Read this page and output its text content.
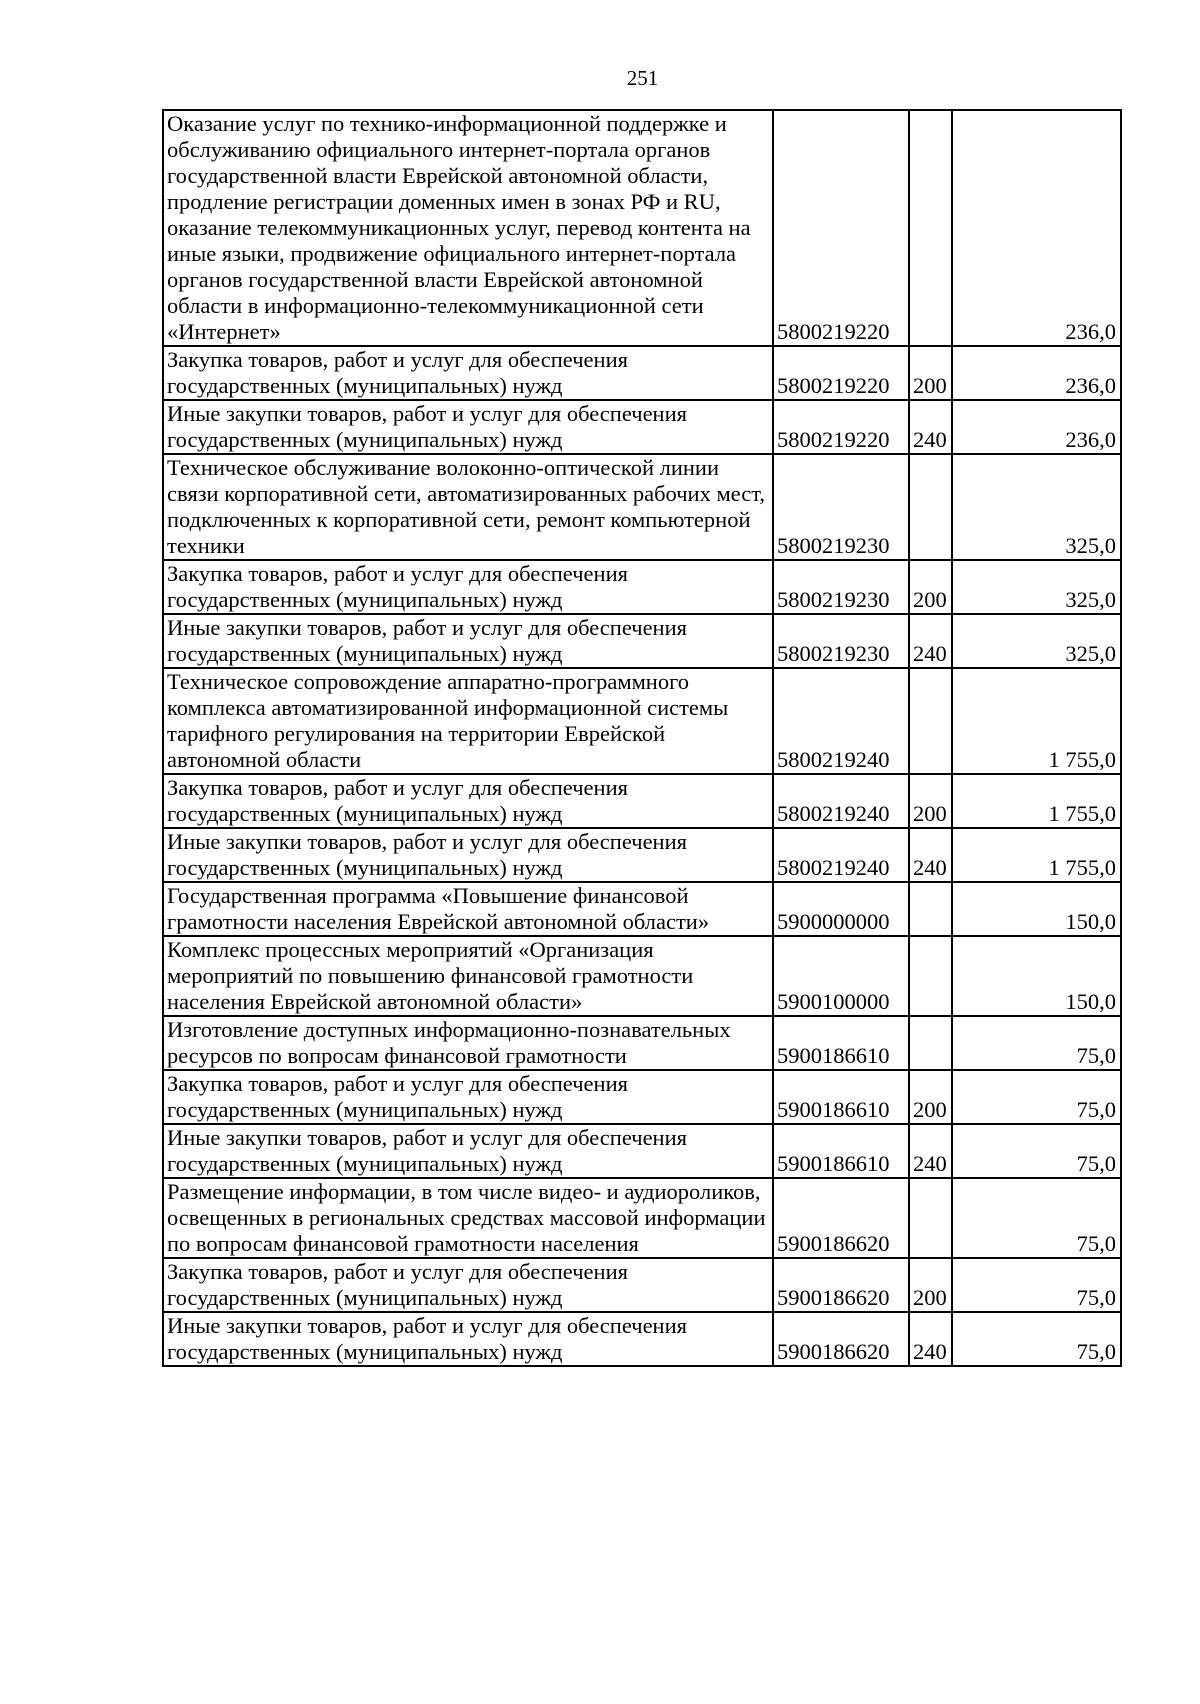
251
Оказание услуг по технико-информационной поддержке и обслуживанию официального интернет-портала органов государственной власти Еврейской автономной области, продление регистрации доменных имен в зонах РФ и RU, оказание телекоммуникационных услуг, перевод контента на иные языки, продвижение официального интернет-портала органов государственной власти Еврейской автономной области в информационно-телекоммуникационной сети «Интернет»	5800219220		236,0
Закупка товаров, работ и услуг для обеспечения государственных (муниципальных) нужд	5800219220	200	236,0
Иные закупки товаров, работ и услуг для обеспечения государственных (муниципальных) нужд	5800219220	240	236,0
Техническое обслуживание волоконно-оптической линии связи корпоративной сети, автоматизированных рабочих мест, подключенных к корпоративной сети, ремонт компьютерной техники	5800219230		325,0
Закупка товаров, работ и услуг для обеспечения государственных (муниципальных) нужд	5800219230	200	325,0
Иные закупки товаров, работ и услуг для обеспечения государственных (муниципальных) нужд	5800219230	240	325,0
Техническое сопровождение аппаратно-программного комплекса автоматизированной информационной системы тарифного регулирования на территории Еврейской автономной области	5800219240		1 755,0
Закупка товаров, работ и услуг для обеспечения государственных (муниципальных) нужд	5800219240	200	1 755,0
Иные закупки товаров, работ и услуг для обеспечения государственных (муниципальных) нужд	5800219240	240	1 755,0
Государственная программа «Повышение финансовой грамотности населения Еврейской автономной области»	5900000000		150,0
Комплекс процессных мероприятий «Организация мероприятий по повышению финансовой грамотности населения Еврейской автономной области»	5900100000		150,0
Изготовление доступных информационно-познавательных ресурсов по вопросам финансовой грамотности	5900186610		75,0
Закупка товаров, работ и услуг для обеспечения государственных (муниципальных) нужд	5900186610	200	75,0
Иные закупки товаров, работ и услуг для обеспечения государственных (муниципальных) нужд	5900186610	240	75,0
Размещение информации, в том числе видео- и аудиороликов, освещенных в региональных средствах массовой информации по вопросам финансовой грамотности населения	5900186620		75,0
Закупка товаров, работ и услуг для обеспечения государственных (муниципальных) нужд	5900186620	200	75,0
Иные закупки товаров, работ и услуг для обеспечения государственных (муниципальных) нужд	5900186620	240	75,0
